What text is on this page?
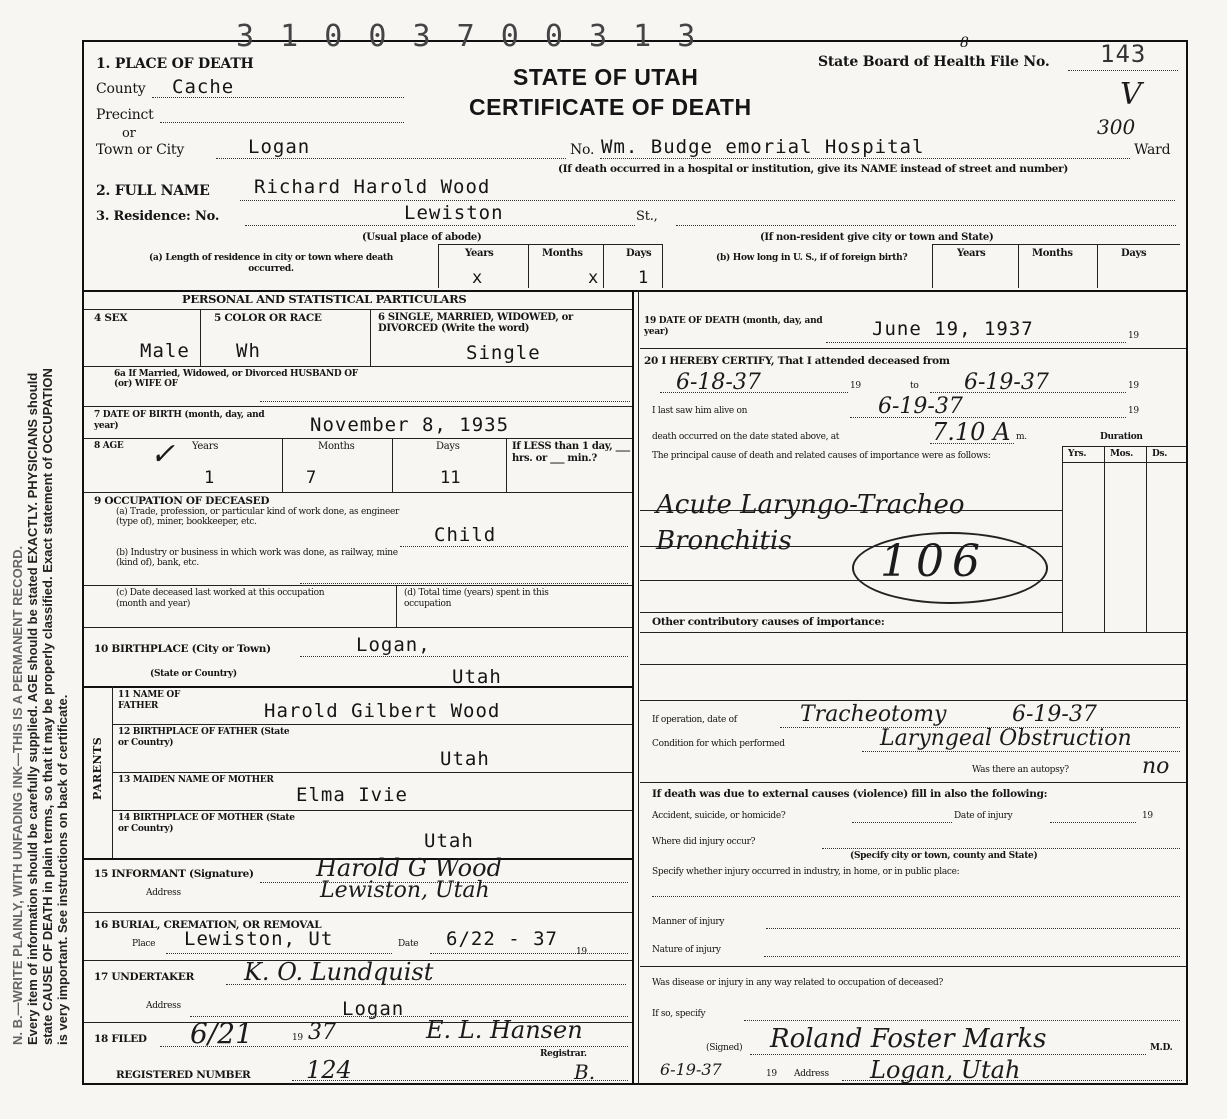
N. B.—WRITE PLAINLY, WITH UNFADING INK—THIS IS A PERMANENT RECORD. Every item of information should be carefully supplied. AGE should be stated EXACTLY. PHYSICIANS should state CAUSE OF DEATH in plain terms, so that it may be properly classified. Exact statement of OCCUPATION is very important. See instructions on back of certificate.
3 1 0 0 3 7 0 0 3 1 3
STATE OF UTAH
CERTIFICATE OF DEATH
State Board of Health File No. 143
8
V
300
1. PLACE OF DEATH
County Cache
Precinct
or
Town or City	Logan	No. Wm. Budge emorial Hospital	Ward
(If death occurred in a hospital or institution, give its NAME instead of street and number)
2. FULL NAME Richard Harold Wood
3. Residence: No.	Lewiston	St.,
(Usual place of abode)	(If non-resident give city or town and State)
(a) Length of residence in city or town where death occurred.
Years	Months	Days
x	x 1
(b) How long in U. S., if of foreign birth?	Years	Months	Days
PERSONAL AND STATISTICAL PARTICULARS
4 SEX
Male
5 COLOR OR RACE
Wh
6 SINGLE, MARRIED, WIDOWED, or DIVORCED (Write the word)
Single
6a If Married, Widowed, or Divorced HUSBAND OF (or) WIFE OF
7 DATE OF BIRTH (month, day, and year)	November 8, 1935
8 AGE	Years	Months	Days
✓
1	7	11
If LESS than 1 day, ___ hrs. or ___ min.?
9 OCCUPATION OF DECEASED
(a) Trade, profession, or particular kind of work done, as engineer (type of), miner, bookkeeper, etc.
Child
(b) Industry or business in which work was done, as railway, mine (kind of), bank, etc.
(c) Date deceased last worked at this occupation (month and year)
(d) Total time (years) spent in this occupation
10 BIRTHPLACE (City or Town)	Logan,
(State or Country)	Utah
PARENTS
11 NAME OF FATHER	Harold Gilbert Wood
12 BIRTHPLACE OF FATHER (State or Country)
Utah
13 MAIDEN NAME OF MOTHER
Elma Ivie
14 BIRTHPLACE OF MOTHER (State or Country)
Utah
15 INFORMANT (Signature)	Harold G Wood
Address	Lewiston, Utah
16 BURIAL, CREMATION, OR REMOVAL
Place Lewiston, Ut	Date 6/22 - 37
19
17 UNDERTAKER K. O. Lundquist
Address	Logan
18 FILED 6/21	19 37	E. L. Hansen
Registrar.
REGISTERED NUMBER 124	B.
19 DATE OF DEATH (month, day, and year)	June 19, 1937	19
20 I HEREBY CERTIFY, That I attended deceased from
6-18-37	19	to 6-19-37	19
I last saw him alive on	6-19-37	19
death occurred on the date stated above, at	7.10 A m.	Duration
The principal cause of death and related causes of importance were as follows:	Yrs.	Mos. Ds.
Acute Laryngo-Tracheo
Bronchitis 106
Other contributory causes of importance:
If operation, date of	Tracheotomy	6-19-37
Condition for which performed	Laryngeal Obstruction
Was there an autopsy?	no
If death was due to external causes (violence) fill in also the following:
Accident, suicide, or homicide?	Date of injury	19
Where did injury occur?
(Specify city or town, county and State)
Specify whether injury occurred in industry, in home, or in public place:
Manner of injury
Nature of injury
Was disease or injury in any way related to occupation of deceased?
If so, specify
(Signed) Roland Foster Marks	M.D.
6-19-37	19 Address Logan, Utah
